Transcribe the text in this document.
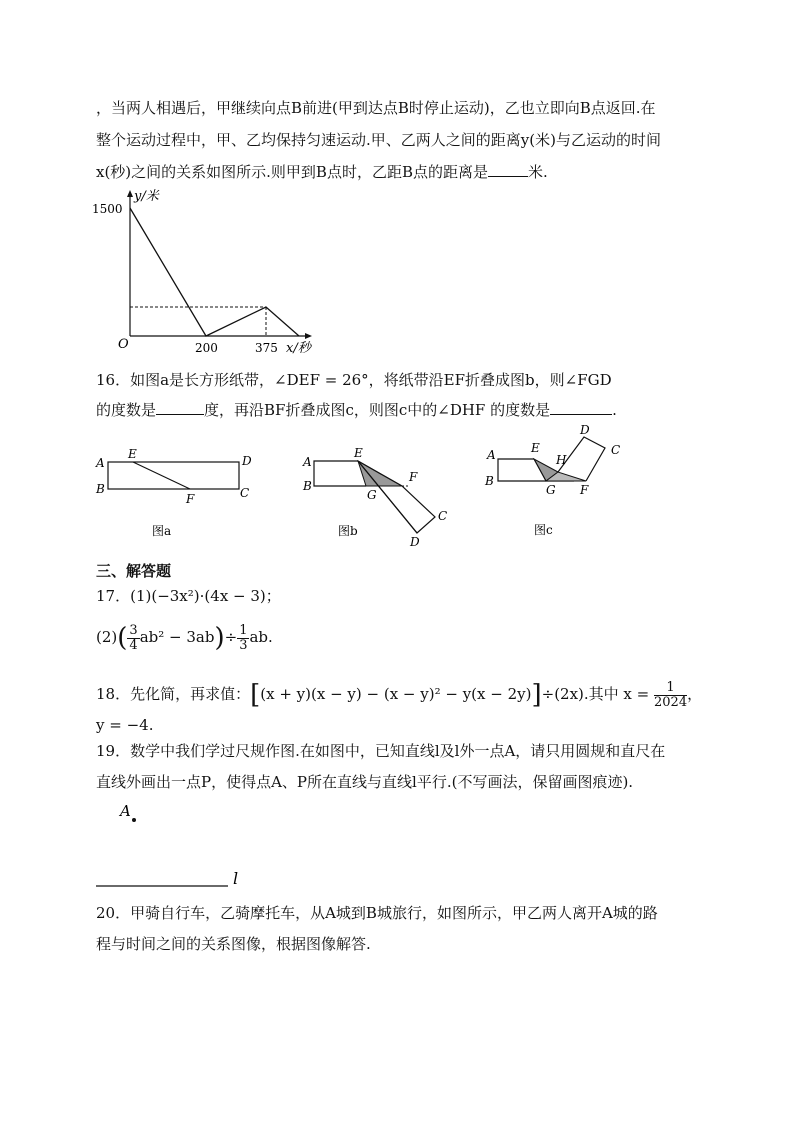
，当两人相遇后，甲继续向点B前进(甲到达点B时停止运动)，乙也立即向B点返回.在
整个运动过程中，甲、乙均保持匀速运动.甲、乙两人之间的距离y(米)与乙运动的时间
x(秒)之间的关系如图所示.则甲到B点时，乙距B点的距离是	米.
y/米
1500
O	200	375 x/秒
16．如图a是长方形纸带，∠DEF = 26°，将纸带沿EF折叠成图b，则∠FGD
的度数是	度，再沿BF折叠成图c，则图c中的∠DHF 的度数是	.
A
E	D
B
F	C
图a
A
E
F
B
G
C
D
图b
D
C
A	E
H
B
G F
图c
三、解答题
17．(1)(−3x²)·(4x − 3)；
$(2)( \frac{3}{4} ab^2 - 3ab)\div \frac{1}{3}$ ab.
18．先化简，再求值：[(x + y)(x − y) − (x − y)² − y(x − 2y)]÷(2x).其中 $x = \frac{1}{2024}$ ，
y = −4.
19．数学中我们学过尺规作图.在如图中，已知直线l及l外一点A，请只用圆规和直尺在
直线外画出一点P，使得点A、P所在直线与直线l平行.(不写画法，保留画图痕迹).
A
l
20．甲骑自行车，乙骑摩托车，从A城到B城旅行，如图所示，甲乙两人离开A城的路
程与时间之间的关系图像，根据图像解答.
